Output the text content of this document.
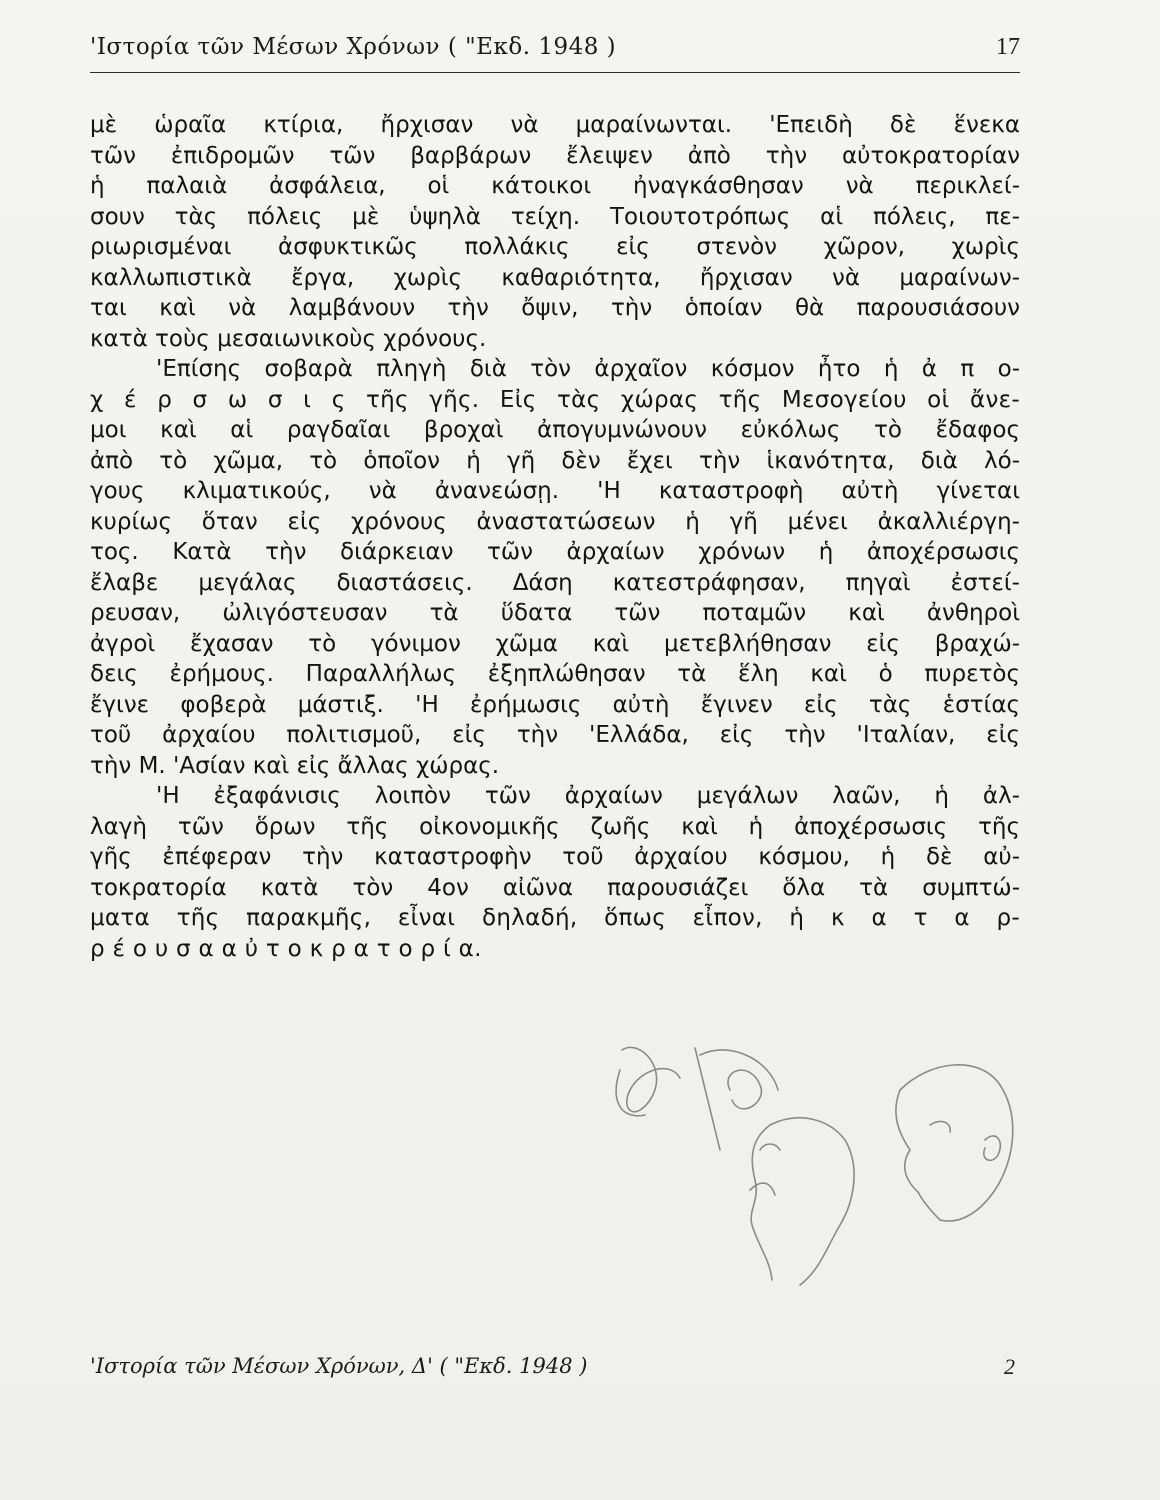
'Ιστορία τῶν Μέσων Χρόνων ( "Εκδ. 1948 )	17
μὲ ὡραῖα κτίρια, ἤρχισαν νὰ μαραίνωνται. 'Επειδὴ δὲ ἕνεκα
τῶν ἐπιδρομῶν τῶν βαρβάρων ἔλειψεν ἀπὸ τὴν αὐτοκρατορίαν
ἡ παλαιὰ ἀσφάλεια, οἱ κάτοικοι ἠναγκάσθησαν νὰ περικλεί-
σουν τὰς πόλεις μὲ ὑψηλὰ τείχη. Τοιουτοτρόπως αἱ πόλεις, πε-
ριωρισμέναι ἀσφυκτικῶς πολλάκις εἰς στενὸν χῶρον, χωρὶς
καλλωπιστικὰ ἔργα, χωρὶς καθαριότητα, ἤρχισαν νὰ μαραίνων-
ται καὶ νὰ λαμβάνουν τὴν ὄψιν, τὴν ὁποίαν θὰ παρουσιάσουν
κατὰ τοὺς μεσαιωνικοὺς χρόνους.
'Επίσης σοβαρὰ πληγὴ διὰ τὸν ἀρχαῖον κόσμον ἦτο ἡ ἀ π ο-
χ έ ρ σ ω σ ι ς τῆς γῆς. Εἰς τὰς χώρας τῆς Μεσογείου οἱ ἄνε-
μοι καὶ αἱ ραγδαῖαι βροχαὶ ἀπογυμνώνουν εὐκόλως τὸ ἔδαφος
ἀπὸ τὸ χῶμα, τὸ ὁποῖον ἡ γῆ δὲν ἔχει τὴν ἱκανότητα, διὰ λό-
γους κλιματικούς, νὰ ἀνανεώσῃ. 'Η καταστροφὴ αὐτὴ γίνεται
κυρίως ὅταν εἰς χρόνους ἀναστατώσεων ἡ γῆ μένει ἀκαλλιέργη-
τος. Κατὰ τὴν διάρκειαν τῶν ἀρχαίων χρόνων ἡ ἀποχέρσωσις
ἔλαβε μεγάλας διαστάσεις. Δάση κατεστράφησαν, πηγαὶ ἐστεί-
ρευσαν, ὠλιγόστευσαν τὰ ὕδατα τῶν ποταμῶν καὶ ἀνθηροὶ
ἀγροὶ ἔχασαν τὸ γόνιμον χῶμα καὶ μετεβλήθησαν εἰς βραχώ-
δεις ἐρήμους. Παραλλήλως ἐξηπλώθησαν τὰ ἕλη καὶ ὁ πυρετὸς
ἔγινε φοβερὰ μάστιξ. 'Η ἐρήμωσις αὐτὴ ἔγινεν εἰς τὰς ἑστίας
τοῦ ἀρχαίου πολιτισμοῦ, εἰς τὴν 'Ελλάδα, εἰς τὴν 'Ιταλίαν, εἰς
τὴν Μ. 'Ασίαν καὶ εἰς ἄλλας χώρας.
'Η ἐξαφάνισις λοιπὸν τῶν ἀρχαίων μεγάλων λαῶν, ἡ ἀλ-
λαγὴ τῶν ὅρων τῆς οἰκονομικῆς ζωῆς καὶ ἡ ἀποχέρσωσις τῆς
γῆς ἐπέφεραν τὴν καταστροφὴν τοῦ ἀρχαίου κόσμου, ἡ δὲ αὐ-
τοκρατορία κατὰ τὸν 4ον αἰῶνα παρουσιάζει ὅλα τὰ συμπτώ-
ματα τῆς παρακμῆς, εἶναι δηλαδή, ὅπως εἶπον, ἡ κ α τ α ρ-
ρ έ ο υ σ α α ὐ τ ο κ ρ α τ ο ρ ί α.
'Ιστορία τῶν Μέσων Χρόνων, Δ' ( "Εκδ. 1948 )	2
